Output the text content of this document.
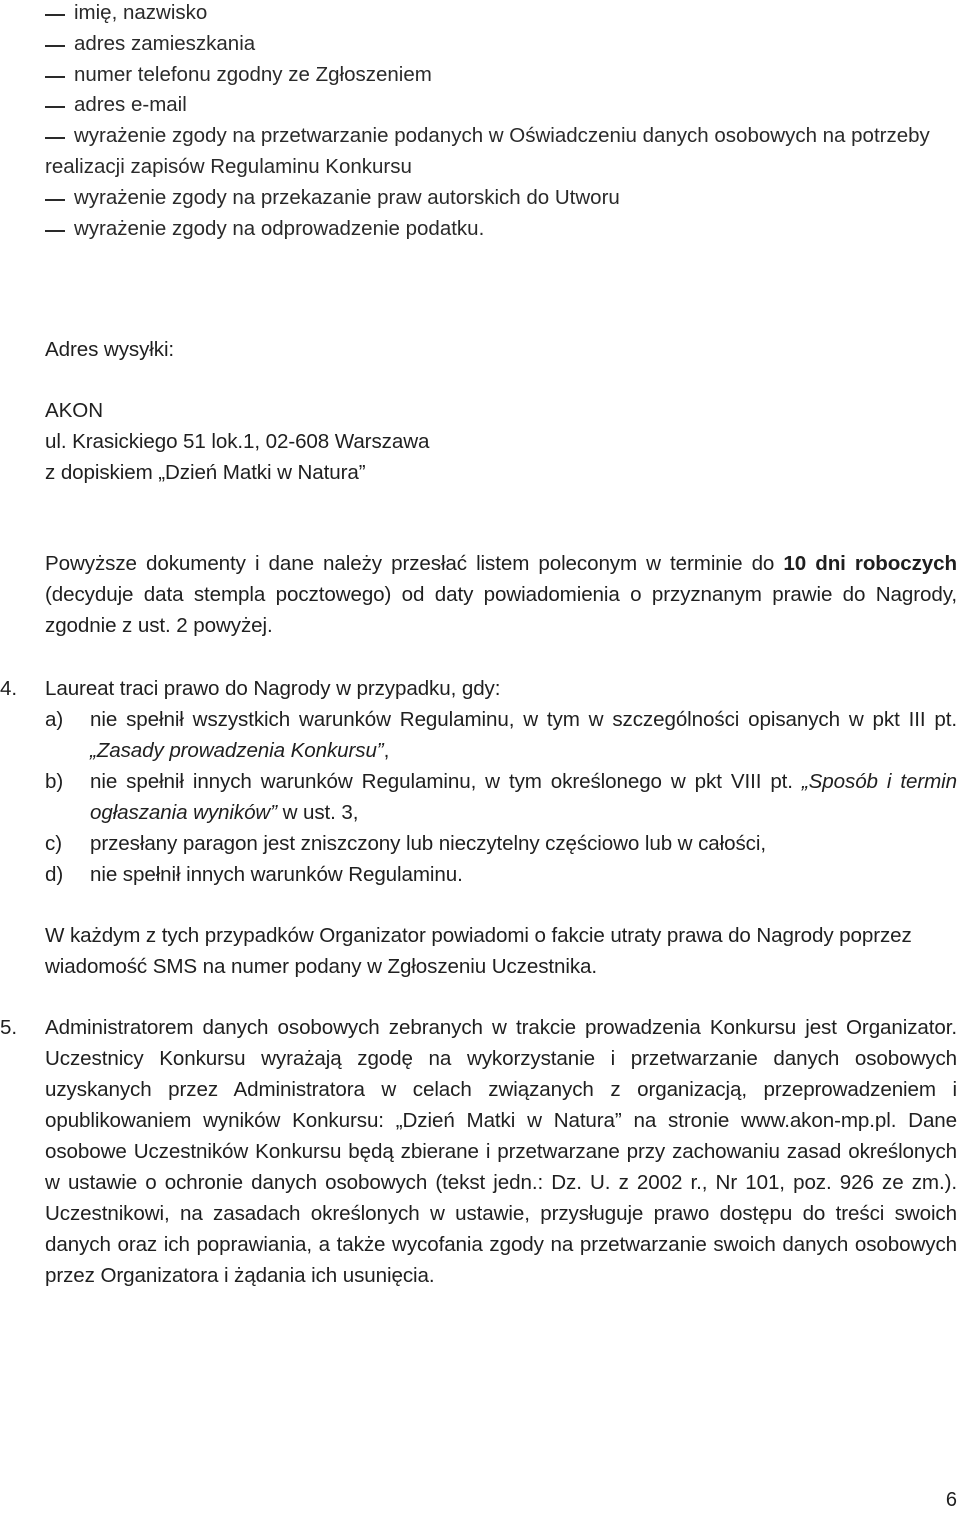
imię, nazwisko
adres zamieszkania
numer telefonu zgodny ze Zgłoszeniem
adres e-mail
wyrażenie zgody na przetwarzanie podanych w Oświadczeniu danych osobowych na potrzeby realizacji zapisów Regulaminu Konkursu
wyrażenie zgody na przekazanie praw autorskich do Utworu
wyrażenie zgody na odprowadzenie podatku.
Adres wysyłki:
AKON
ul. Krasickiego 51 lok.1, 02-608 Warszawa
z dopiskiem „Dzień Matki w Natura”
Powyższe dokumenty i dane należy przesłać listem poleconym w terminie do 10 dni roboczych (decyduje data stempla pocztowego) od daty powiadomienia o przyznanym prawie do Nagrody, zgodnie z ust. 2 powyżej.
4.	Laureat traci prawo do Nagrody w przypadku, gdy:
a)	nie spełnił wszystkich warunków Regulaminu, w tym w szczególności opisanych w pkt III pt. „Zasady prowadzenia Konkursu”,
b)	nie spełnił innych warunków Regulaminu, w tym określonego w pkt VIII pt. „Sposób i termin ogłaszania wyników” w ust. 3,
c)	przesłany paragon jest zniszczony lub nieczytelny częściowo lub w całości,
d)	nie spełnił innych warunków Regulaminu.
W każdym z tych przypadków Organizator powiadomi o fakcie utraty prawa do Nagrody poprzez wiadomość SMS na numer podany w Zgłoszeniu Uczestnika.
5.	Administratorem danych osobowych zebranych w trakcie prowadzenia Konkursu jest Organizator. Uczestnicy Konkursu wyrażają zgodę na wykorzystanie i przetwarzanie danych osobowych uzyskanych przez Administratora w celach związanych z organizacją, przeprowadzeniem i opublikowaniem wyników Konkursu: „Dzień Matki w Natura” na stronie www.akon-mp.pl. Dane osobowe Uczestników Konkursu będą zbierane i przetwarzane przy zachowaniu zasad określonych w ustawie o ochronie danych osobowych (tekst jedn.: Dz. U. z 2002 r., Nr 101, poz. 926 ze zm.). Uczestnikowi, na zasadach określonych w ustawie, przysługuje prawo dostępu do treści swoich danych oraz ich poprawiania, a także wycofania zgody na przetwarzanie swoich danych osobowych przez Organizatora i żądania ich usunięcia.
6
